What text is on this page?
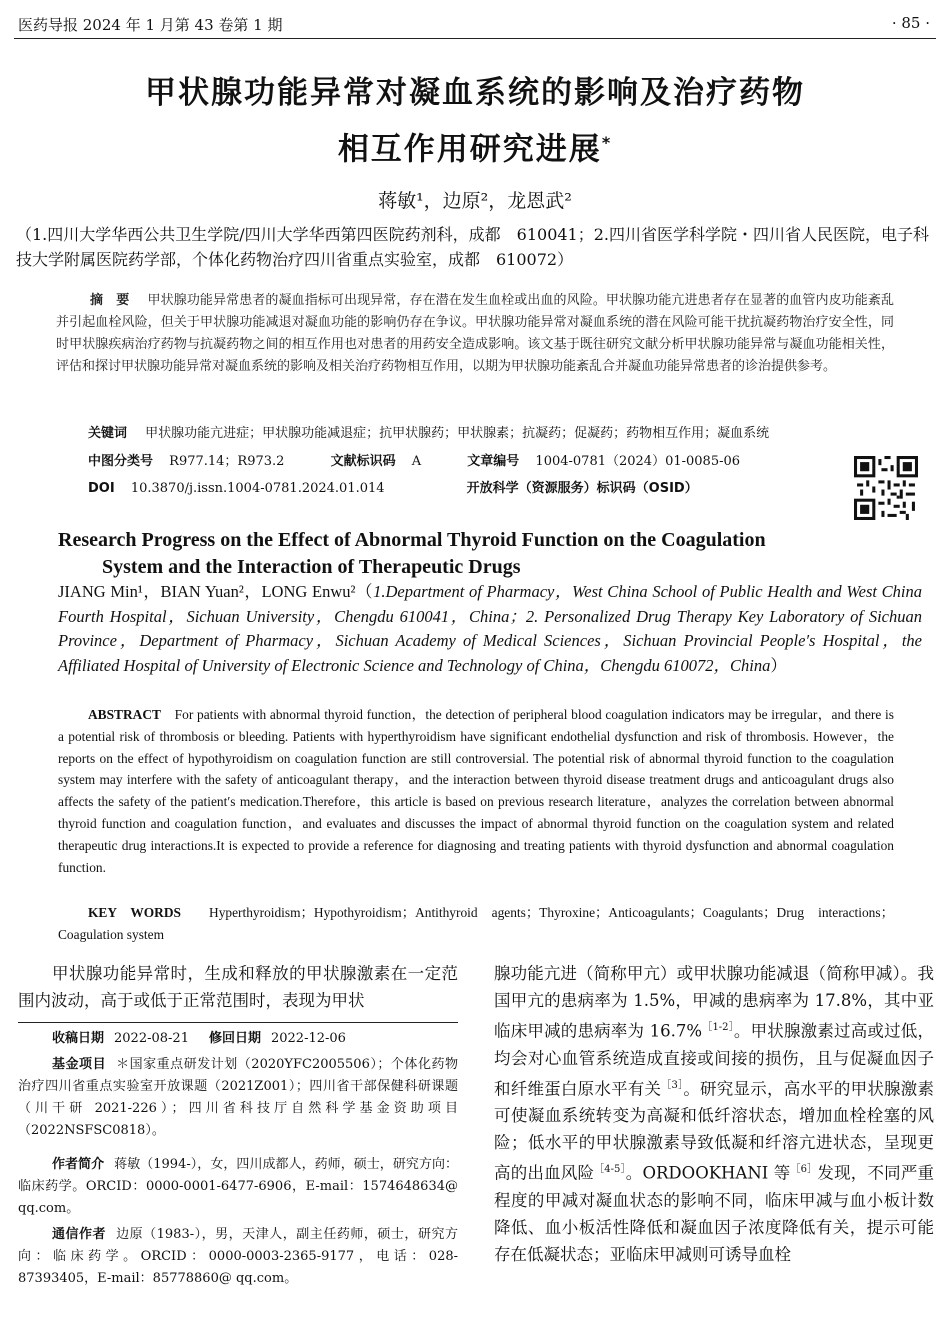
医药导报 2024 年 1 月第 43 卷第 1 期	· 85 ·
甲状腺功能异常对凝血系统的影响及治疗药物
相互作用研究进展*
蒋敏¹，边原²，龙恩武²
（1.四川大学华西公共卫生学院/四川大学华西第四医院药剂科，成都　610041；2.四川省医学科学院・四川省人民医院，电子科技大学附属医院药学部，个体化药物治疗四川省重点实验室，成都　610072）
摘　要 甲状腺功能异常患者的凝血指标可出现异常，存在潜在发生血栓或出血的风险。甲状腺功能亢进患者存在显著的血管内皮功能紊乱并引起血栓风险，但关于甲状腺功能减退对凝血功能的影响仍存在争议。甲状腺功能异常对凝血系统的潜在风险可能干扰抗凝药物治疗安全性，同时甲状腺疾病治疗药物与抗凝药物之间的相互作用也对患者的用药安全造成影响。该文基于既往研究文献分析甲状腺功能异常与凝血功能相关性，评估和探讨甲状腺功能异常对凝血系统的影响及相关治疗药物相互作用，以期为甲状腺功能紊乱合并凝血功能异常患者的诊治提供参考。
关键词 甲状腺功能亢进症；甲状腺功能减退症；抗甲状腺药；甲状腺素；抗凝药；促凝药；药物相互作用；凝血系统
中图分类号 R977.14；R973.2	文献标识码 A	文章编号 1004-0781（2024）01-0085-06
DOI 10.3870/j.issn.1004-0781.2024.01.014	开放科学（资源服务）标识码（OSID）
Research Progress on the Effect of Abnormal Thyroid Function on the Coagulation
System and the Interaction of Therapeutic Drugs
JIANG Min¹，BIAN Yuan²，LONG Enwu²（1.Department of Pharmacy，West China School of Public Health and West China Fourth Hospital，Sichuan University，Chengdu 610041，China；2. Personalized Drug Therapy Key Laboratory of Sichuan Province，Department of Pharmacy，Sichuan Academy of Medical Sciences，Sichuan Provincial People′s Hospital，the Affiliated Hospital of University of Electronic Science and Technology of China，Chengdu 610072，China）
ABSTRACT For patients with abnormal thyroid function，the detection of peripheral blood coagulation indicators may be irregular，and there is a potential risk of thrombosis or bleeding. Patients with hyperthyroidism have significant endothelial dysfunction and risk of thrombosis. However，the reports on the effect of hypothyroidism on coagulation function are still controversial. The potential risk of abnormal thyroid function to the coagulation system may interfere with the safety of anticoagulant therapy，and the interaction between thyroid disease treatment drugs and anticoagulant drugs also affects the safety of the patient′s medication.Therefore，this article is based on previous research literature，analyzes the correlation between abnormal thyroid function and coagulation function，and evaluates and discusses the impact of abnormal thyroid function on the coagulation system and related therapeutic drug interactions.It is expected to provide a reference for diagnosing and treating patients with thyroid dysfunction and abnormal coagulation function.
KEY WORDS Hyperthyroidism；Hypothyroidism；Antithyroid agents；Thyroxine；Anticoagulants；Coagulants；Drug interactions；Coagulation system
甲状腺功能异常时，生成和释放的甲状腺激素在一定范围内波动，高于或低于正常范围时，表现为甲状
收稿日期 2022-08-21 修回日期 2022-12-06
基金项目 ＊国家重点研发计划（2020YFC2005506）；个体化药物治疗四川省重点实验室开放课题（2021Z001）；四川省干部保健科研课题（川干研 2021-226）；四川省科技厅自然科学基金资助项目（2022NSFSC0818）。
作者简介 蒋敏（1994-），女，四川成都人，药师，硕士，研究方向：临床药学。ORCID：0000-0001-6477-6906，E-mail：1574648634@ qq.com。
通信作者 边原（1983-），男，天津人，副主任药师，硕士，研究方向：临床药学。ORCID：0000-0003-2365-9177，电话：028-87393405，E-mail：85778860@ qq.com。
腺功能亢进（简称甲亢）或甲状腺功能减退（简称甲减）。我国甲亢的患病率为 1.5%，甲减的患病率为 17.8%，其中亚临床甲减的患病率为 16.7%$^{[1-2]}$。甲状腺激素过高或过低，均会对心血管系统造成直接或间接的损伤，且与促凝血因子和纤维蛋白原水平有关$^{[3]}$。研究显示，高水平的甲状腺激素可使凝血系统转变为高凝和低纤溶状态，增加血栓栓塞的风险；低水平的甲状腺激素导致低凝和纤溶亢进状态，呈现更高的出血风险$^{[4-5]}$。ORDOOKHANI 等$^{[6]}$发现，不同严重程度的甲减对凝血状态的影响不同，临床甲减与血小板计数降低、血小板活性降低和凝血因子浓度降低有关，提示可能存在低凝状态；亚临床甲减则可诱导血栓
